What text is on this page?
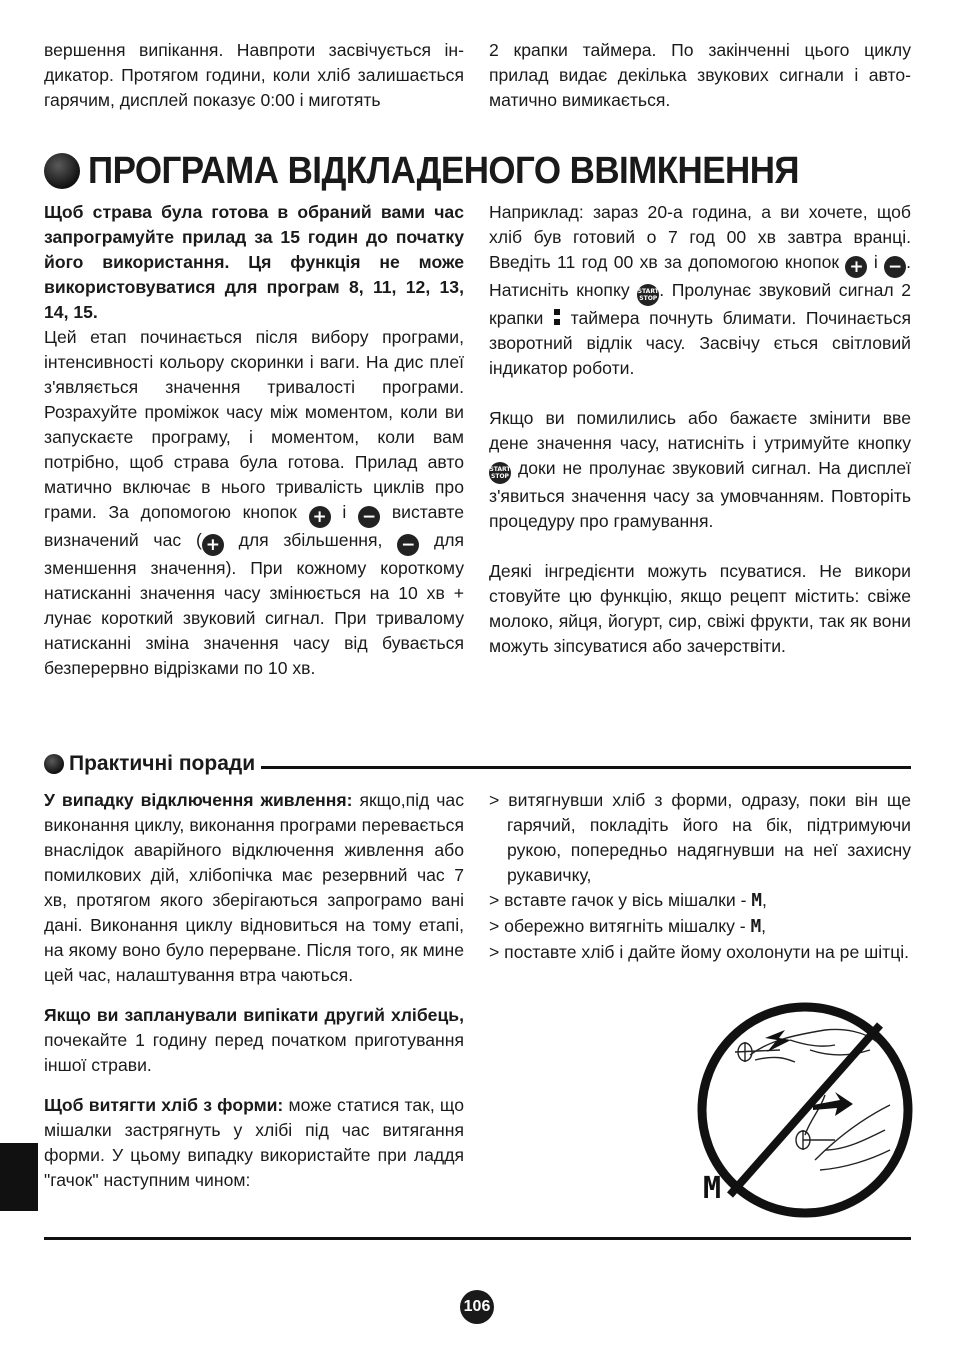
вершення випікання. Навпроти засвічується індикатор. Протягом години, коли хліб залишається гарячим, дисплей показує 0:00 і миготять

2 крапки таймера. По закінченні цього циклу прилад видає декілька звукових сигнали і автоматично вимикається.

ПРОГРАМА ВІДКЛАДЕНОГО ВВІМКНЕННЯ

Щоб страва була готова в обраний вами час запрограмуйте прилад за 15 годин до початку його використання. Ця функція не може використовуватися для програм 8, 11, 12, 13, 14, 15.

Цей етап починається після вибору програми, інтенсивності кольору скоринки і ваги. На дис плеї з'являється значення тривалості програми. Розрахуйте проміжок часу між моментом, коли ви запускаєте програму, і моментом, коли вам потрібно, щоб страва була готова. Прилад авто матично включає в нього тривалість циклів про грами. За допомогою кнопок + і − виставте визначений час ( + для збільшення, − для зменшення значення). При кожному короткому натисканні значення часу змінюється на 10 хв + лунає короткий звуковий сигнал. При тривалому натисканні зміна значення часу від бувається безперервно відрізками по 10 хв.

Наприклад: зараз 20-а година, а ви хочете, щоб хліб був готовий о 7 год 00 хв завтра вранці. Введіть 11 год 00 хв за допомогою кнопок + і − . Натисніть кнопку START
STOP . Пролунає звуковий сигнал 2 крапки таймера почнуть блимати. Починається зворотний відлік часу. Засвічу ється світловий індикатор роботи.

Якщо ви помилились або бажаєте змінити вве дене значення часу, натисніть і утримуйте кнопку START
STOP доки не пролунає звуковий сигнал. На дисплеї з'явиться значення часу за умовчанням. Повторіть процедуру про грамування.

Деякі інгредієнти можуть псуватися. Не викори стовуйте цю функцію, якщо рецепт містить: свіже молоко, яйця, йогурт, сир, свіжі фрукти, так як вони можуть зіпсуватися або зачерствіти.

Практичні поради

У випадку відключення живлення: якщо,під час виконання циклу, виконання програми перевається внаслідок аварійного відключення живлення або помилкових дій, хлібопічка має резервний час 7 хв, протягом якого зберігаються запрограмо вані дані. Виконання циклу відновиться на тому етапі, на якому воно було перерване. Після того, як мине цей час, налаштування втра чаються.

Якщо ви запланували випікати другий хлібець, почекайте 1 годину перед початком приготування іншої страви.

Щоб витягти хліб з форми: може статися так, що мішалки застрягнуть у хлібі під час витягання форми. У цьому випадку використайте при ладдя "гачок" наступним чином:

> витягнувши хліб з форми, одразу, поки він ще гарячий, покладіть його на бік, підтримуючи рукою, попередньо надягнувши на неї захисну рукавичку,

> вставте гачок у вісь мішалки - M,

> обережно витягніть мішалку - M,

> поставте хліб і дайте йому охолонути на ре шітці.

M
106
